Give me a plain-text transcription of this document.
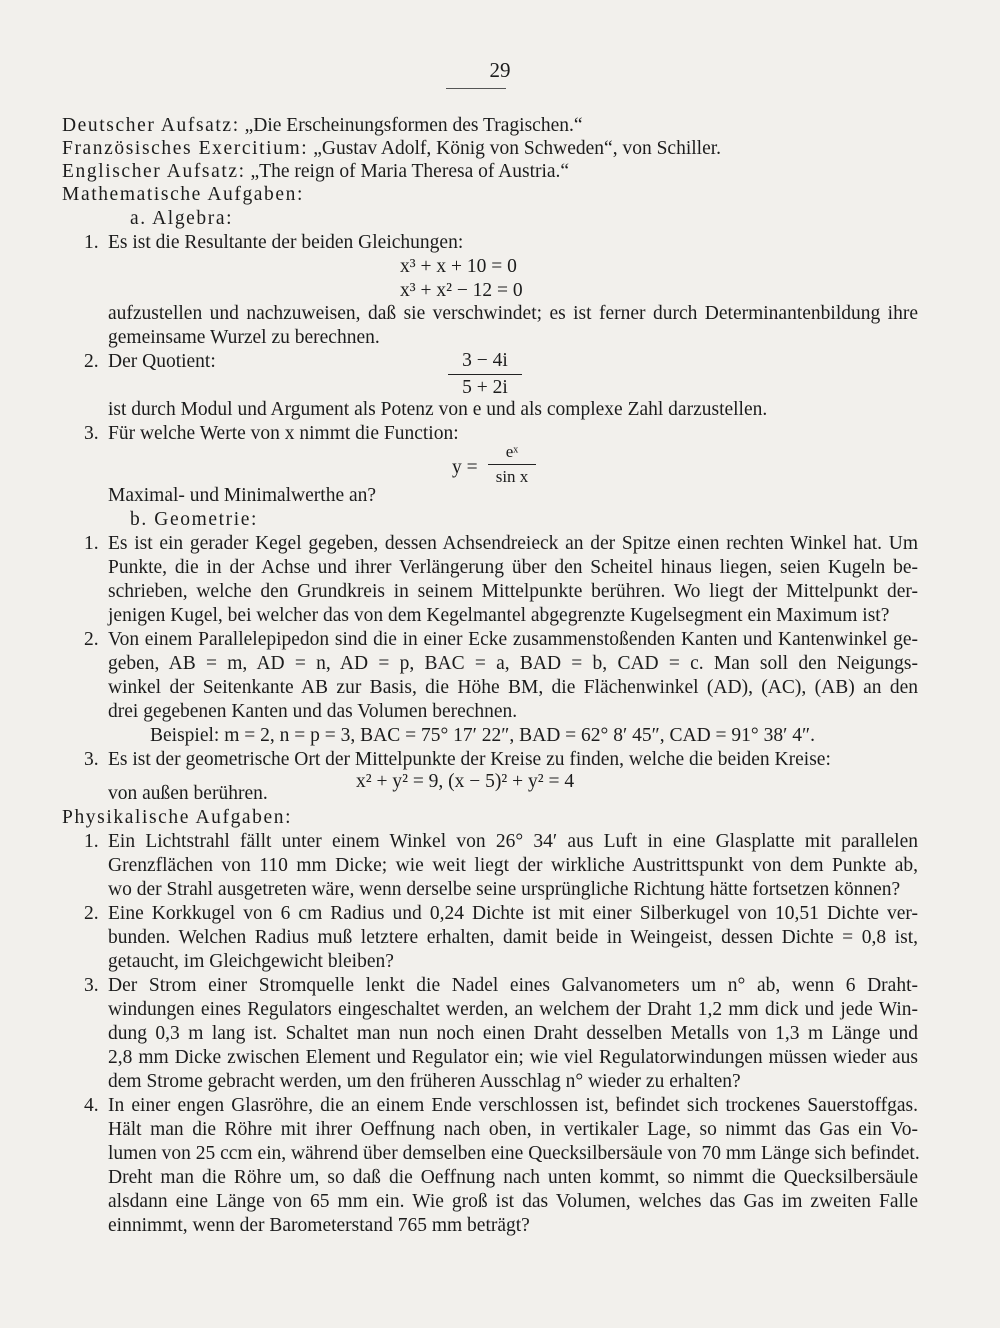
29
Deutscher Aufsatz: „Die Erscheinungsformen des Tragischen.“
Französisches Exercitium: „Gustav Adolf, König von Schweden“, von Schiller.
Englischer Aufsatz: „The reign of Maria Theresa of Austria.“
Mathematische Aufgaben:
a. Algebra:
1. Es ist die Resultante der beiden Gleichungen:
x³ + x + 10 = 0
x³ + x² − 12 = 0
aufzustellen und nachzuweisen, daß sie verschwindet; es ist ferner durch Determinantenbildung ihre
gemeinsame Wurzel zu berechnen.
2. Der Quotient:	3 − 4i
5 + 2i
ist durch Modul und Argument als Potenz von e und als complexe Zahl darzustellen.
3. Für welche Werte von x nimmt die Function:
y =
eˣ
sin x
Maximal- und Minimalwerthe an?
b. Geometrie:
1. Es ist ein gerader Kegel gegeben, dessen Achsendreieck an der Spitze einen rechten Winkel hat. Um
Punkte, die in der Achse und ihrer Verlängerung über den Scheitel hinaus liegen, seien Kugeln be-
schrieben, welche den Grundkreis in seinem Mittelpunkte berühren. Wo liegt der Mittelpunkt der-
jenigen Kugel, bei welcher das von dem Kegelmantel abgegrenzte Kugelsegment ein Maximum ist?
2. Von einem Parallelepipedon sind die in einer Ecke zusammenstoßenden Kanten und Kantenwinkel ge-
geben, AB = m, AD = n, AD = p, BAC = a, BAD = b, CAD = c. Man soll den Neigungs-
winkel der Seitenkante AB zur Basis, die Höhe BM, die Flächenwinkel (AD), (AC), (AB) an den
drei gegebenen Kanten und das Volumen berechnen.
Beispiel: m = 2, n = p = 3, BAC = 75° 17′ 22″, BAD = 62° 8′ 45″, CAD = 91° 38′ 4″.
3. Es ist der geometrische Ort der Mittelpunkte der Kreise zu finden, welche die beiden Kreise:
x² + y² = 9, (x − 5)² + y² = 4
von außen berühren.
Physikalische Aufgaben:
1. Ein Lichtstrahl fällt unter einem Winkel von 26° 34′ aus Luft in eine Glasplatte mit parallelen
Grenzflächen von 110 mm Dicke; wie weit liegt der wirkliche Austrittspunkt von dem Punkte ab,
wo der Strahl ausgetreten wäre, wenn derselbe seine ursprüngliche Richtung hätte fortsetzen können?
2. Eine Korkkugel von 6 cm Radius und 0,24 Dichte ist mit einer Silberkugel von 10,51 Dichte ver-
bunden. Welchen Radius muß letztere erhalten, damit beide in Weingeist, dessen Dichte = 0,8 ist,
getaucht, im Gleichgewicht bleiben?
3. Der Strom einer Stromquelle lenkt die Nadel eines Galvanometers um n° ab, wenn 6 Draht-
windungen eines Regulators eingeschaltet werden, an welchem der Draht 1,2 mm dick und jede Win-
dung 0,3 m lang ist. Schaltet man nun noch einen Draht desselben Metalls von 1,3 m Länge und
2,8 mm Dicke zwischen Element und Regulator ein; wie viel Regulatorwindungen müssen wieder aus
dem Strome gebracht werden, um den früheren Ausschlag n° wieder zu erhalten?
4. In einer engen Glasröhre, die an einem Ende verschlossen ist, befindet sich trockenes Sauerstoffgas.
Hält man die Röhre mit ihrer Oeffnung nach oben, in vertikaler Lage, so nimmt das Gas ein Vo-
lumen von 25 ccm ein, während über demselben eine Quecksilbersäule von 70 mm Länge sich befindet.
Dreht man die Röhre um, so daß die Oeffnung nach unten kommt, so nimmt die Quecksilbersäule
alsdann eine Länge von 65 mm ein. Wie groß ist das Volumen, welches das Gas im zweiten Falle
einnimmt, wenn der Barometerstand 765 mm beträgt?
